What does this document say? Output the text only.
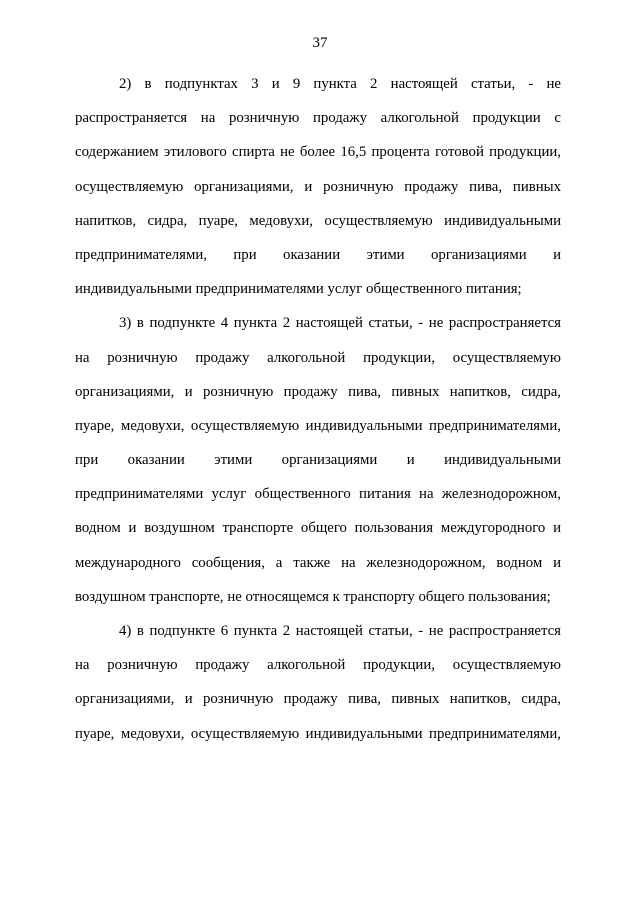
37
2) в подпунктах 3 и 9 пункта 2 настоящей статьи, - не
распространяется на розничную продажу алкогольной продукции с
содержанием этилового спирта не более 16,5 процента готовой продукции,
осуществляемую организациями, и розничную продажу пива, пивных
напитков, сидра, пуаре, медовухи, осуществляемую индивидуальными
предпринимателями, при оказании этими организациями и
индивидуальными предпринимателями услуг общественного питания;
3) в подпункте 4 пункта 2 настоящей статьи, - не распространяется
на розничную продажу алкогольной продукции, осуществляемую
организациями, и розничную продажу пива, пивных напитков, сидра,
пуаре, медовухи, осуществляемую индивидуальными предпринимателями,
при оказании этими организациями и индивидуальными
предпринимателями услуг общественного питания на железнодорожном,
водном и воздушном транспорте общего пользования междугородного и
международного сообщения, а также на железнодорожном, водном и
воздушном транспорте, не относящемся к транспорту общего пользования;
4) в подпункте 6 пункта 2 настоящей статьи, - не распространяется
на розничную продажу алкогольной продукции, осуществляемую
организациями, и розничную продажу пива, пивных напитков, сидра,
пуаре, медовухи, осуществляемую индивидуальными предпринимателями,
